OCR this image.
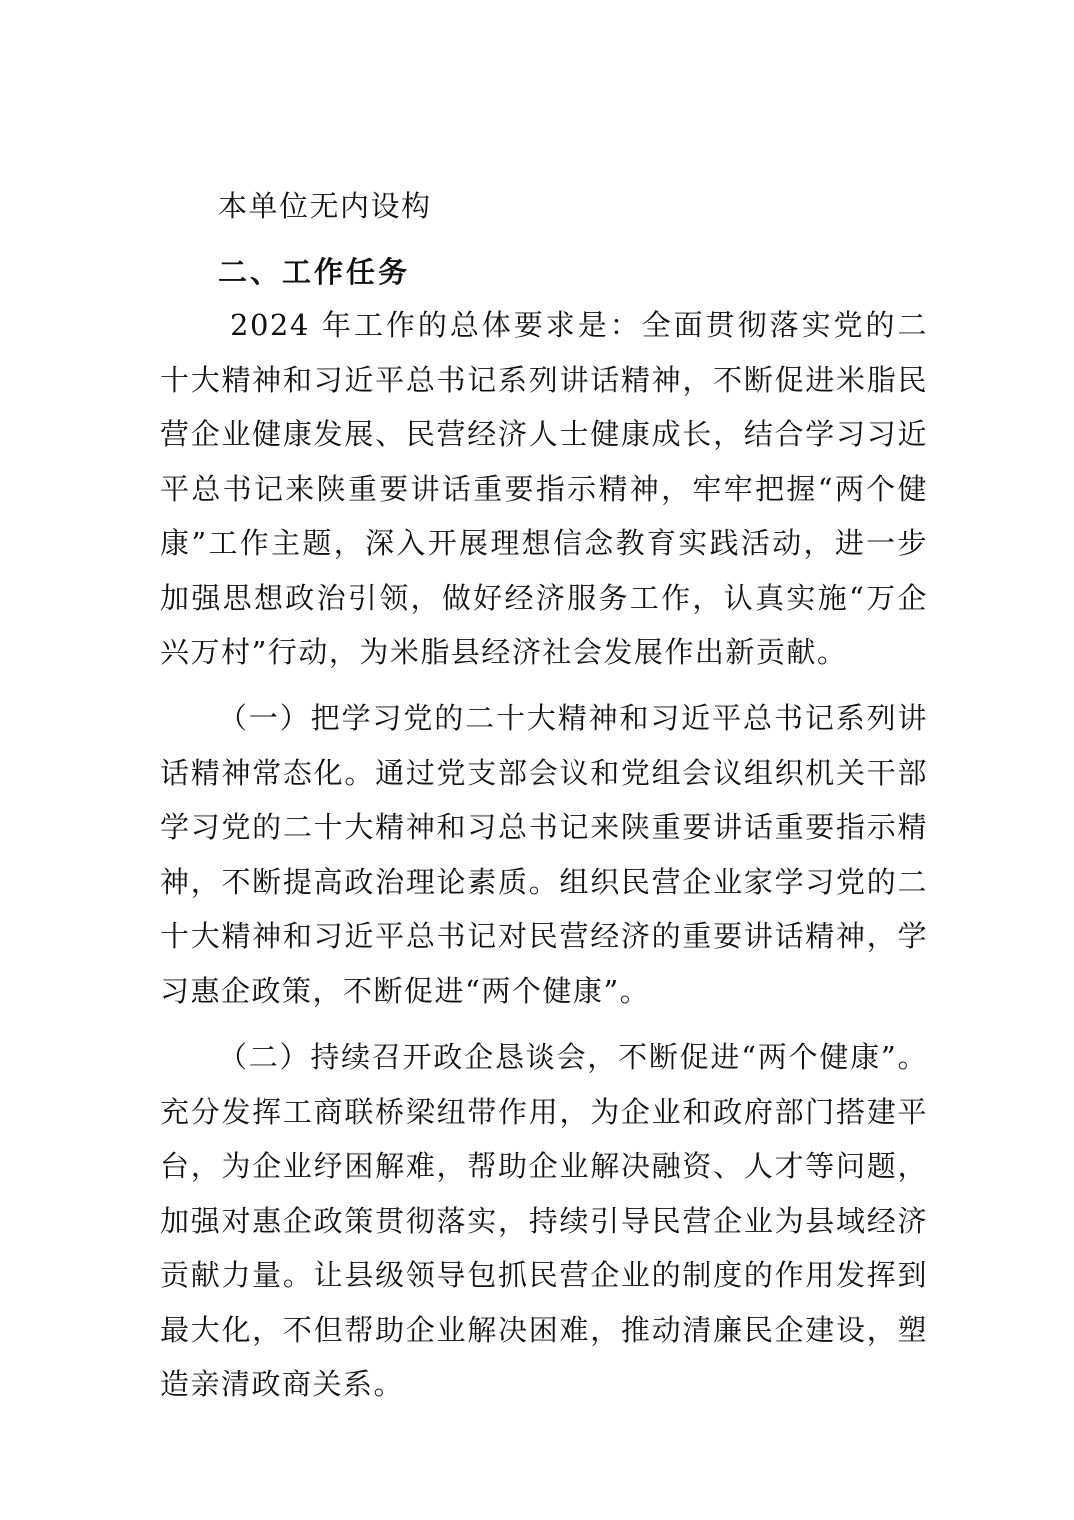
本单位无内设构

二、工作任务

2024 年工作的总体要求是：全面贯彻落实党的二十大精神和习近平总书记系列讲话精神，不断促进米脂民营企业健康发展、民营经济人士健康成长，结合学习习近平总书记来陕重要讲话重要指示精神，牢牢把握“两个健康”工作主题，深入开展理想信念教育实践活动，进一步加强思想政治引领，做好经济服务工作，认真实施“万企兴万村”行动，为米脂县经济社会发展作出新贡献。

（一）把学习党的二十大精神和习近平总书记系列讲话精神常态化。通过党支部会议和党组会议组织机关干部学习党的二十大精神和习总书记来陕重要讲话重要指示精神，不断提高政治理论素质。组织民营企业家学习党的二十大精神和习近平总书记对民营经济的重要讲话精神，学习惠企政策，不断促进“两个健康”。

（二）持续召开政企恳谈会，不断促进“两个健康”。充分发挥工商联桥梁纽带作用，为企业和政府部门搭建平台，为企业纾困解难，帮助企业解决融资、人才等问题，加强对惠企政策贯彻落实，持续引导民营企业为县域经济贡献力量。让县级领导包抓民营企业的制度的作用发挥到最大化，不但帮助企业解决困难，推动清廉民企建设，塑造亲清政商关系。
